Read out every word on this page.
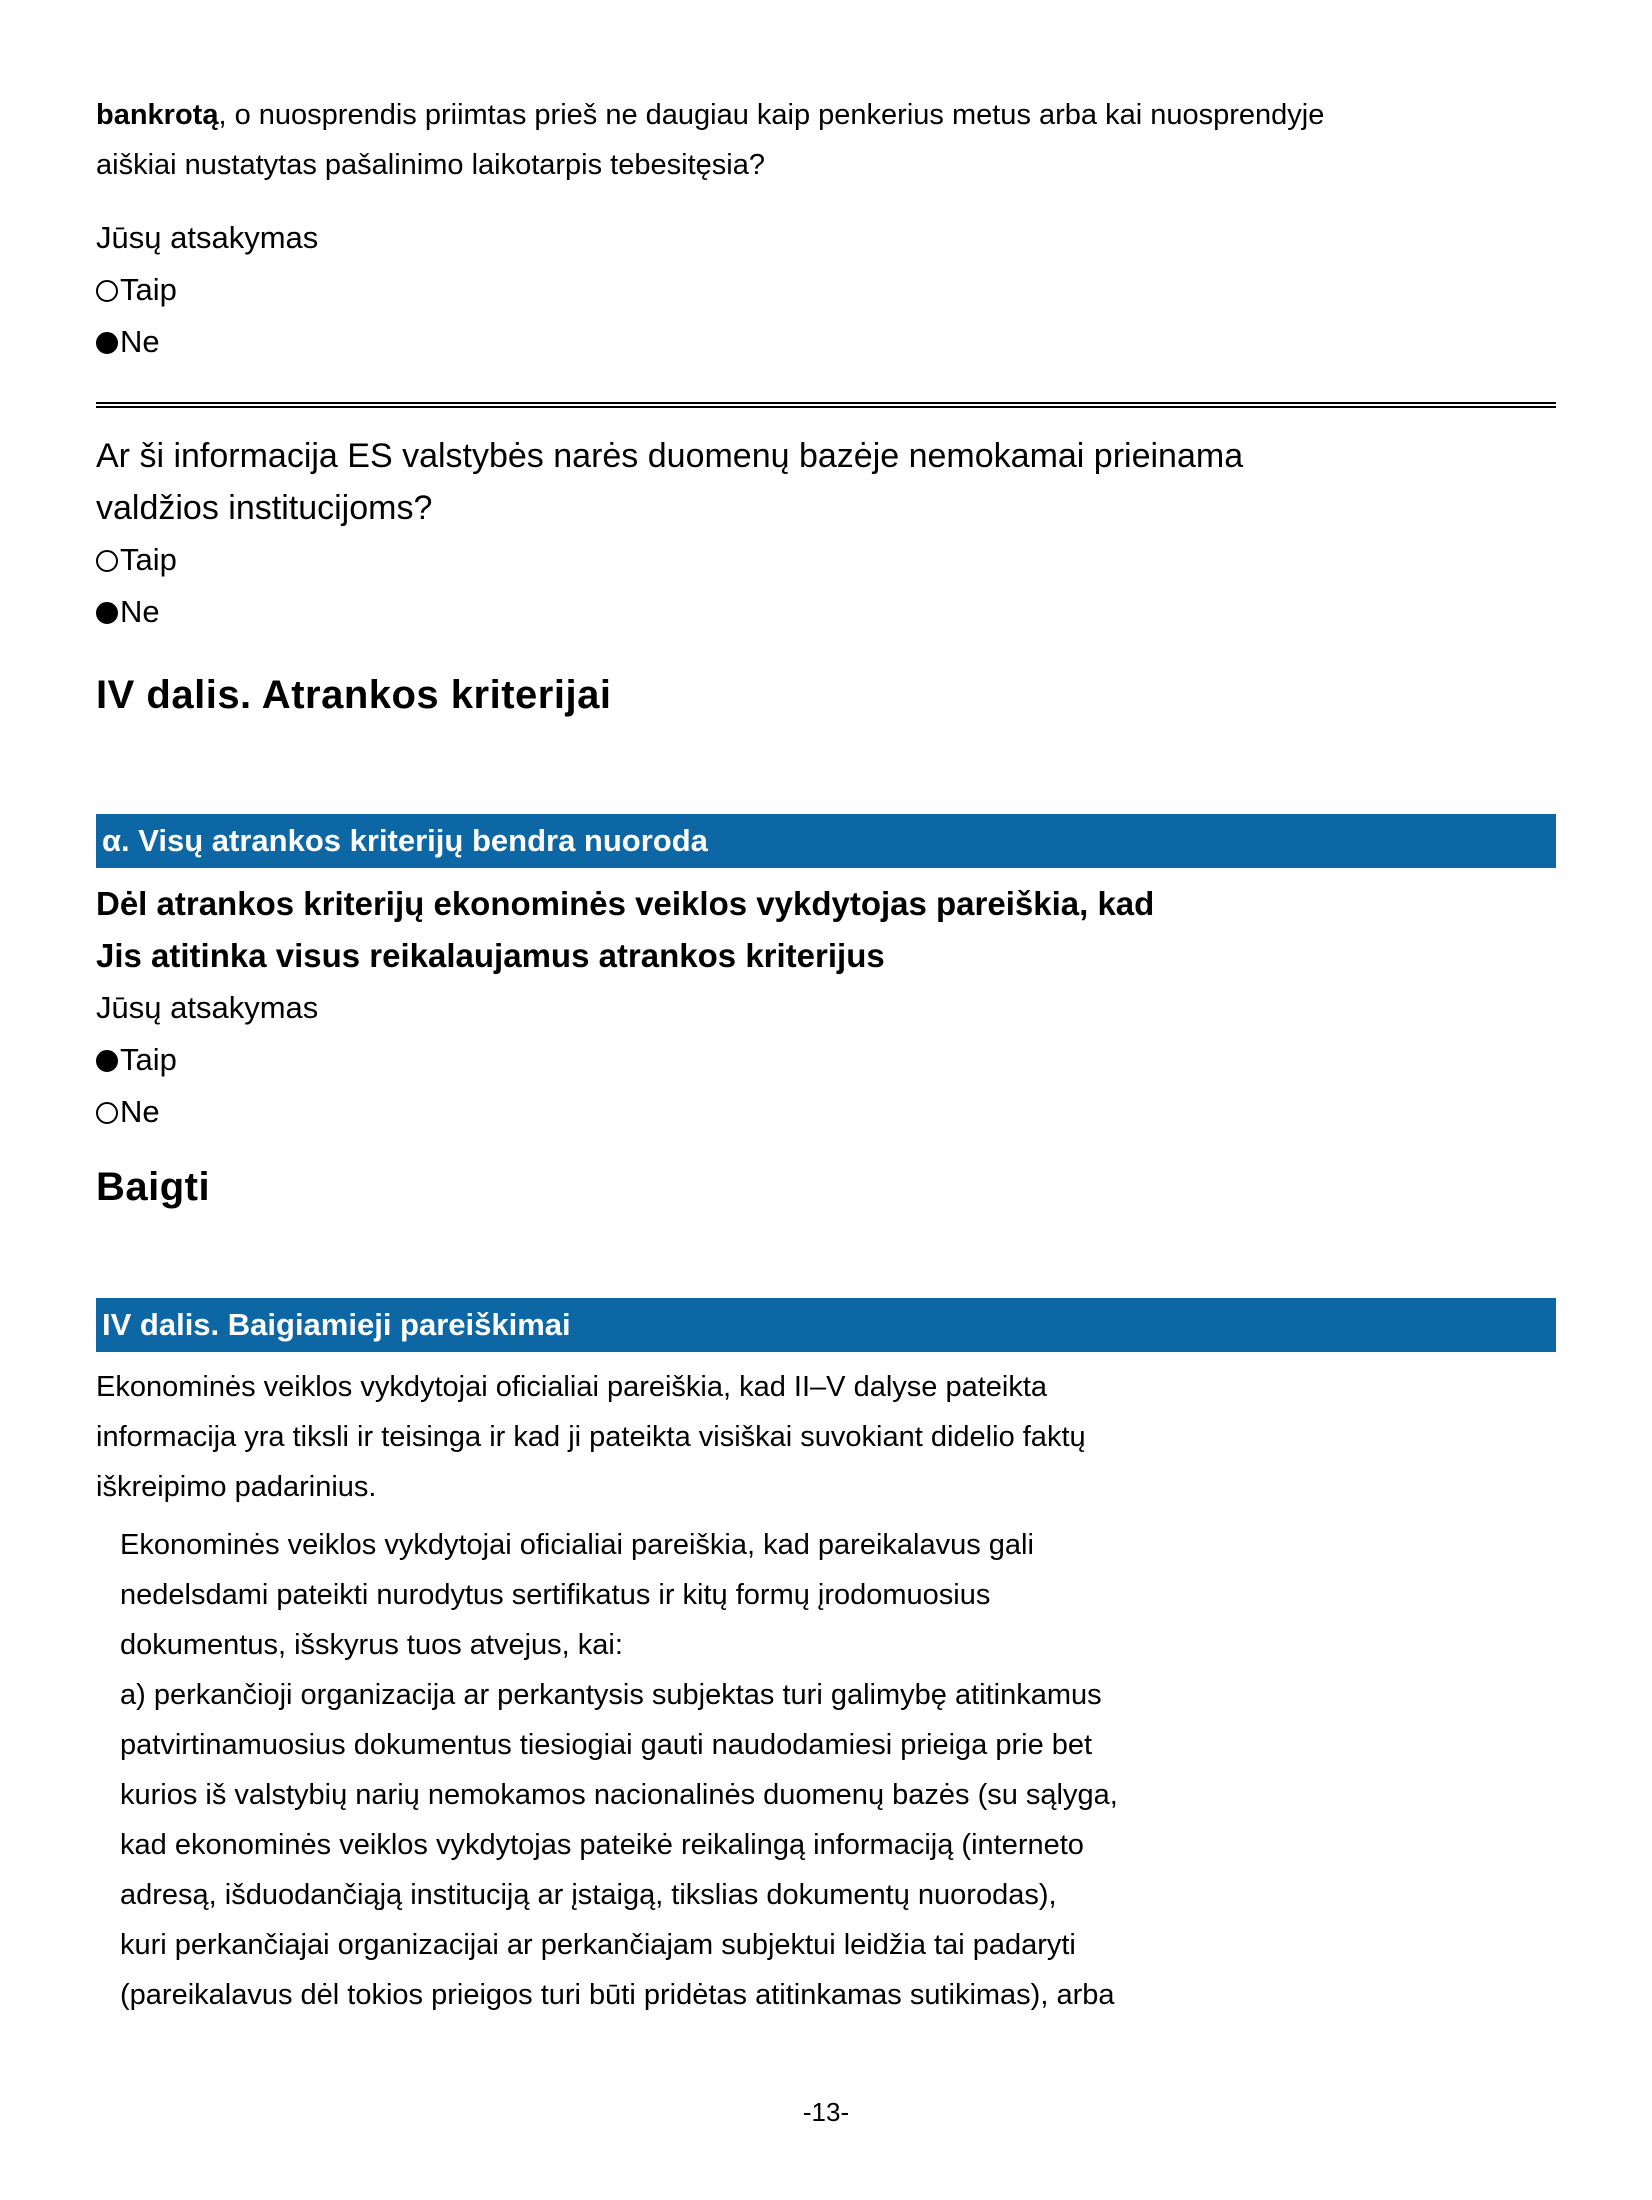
bankrotą, o nuosprendis priimtas prieš ne daugiau kaip penkerius metus arba kai nuosprendyje

aiškiai nustatytas pašalinimo laikotarpis tebesitęsia?

Jūsų atsakymas

Taip
Ne

Ar ši informacija ES valstybės narės duomenų bazėje nemokamai prieinama

valdžios institucijoms?

Taip
Ne
IV dalis. Atrankos kriterijai
α. Visų atrankos kriterijų bendra nuoroda

Dėl atrankos kriterijų ekonominės veiklos vykdytojas pareiškia, kad

Jis atitinka visus reikalaujamus atrankos kriterijus

Jūsų atsakymas

Taip
Ne
Baigti
IV dalis. Baigiamieji pareiškimai

Ekonominės veiklos vykdytojai oficialiai pareiškia, kad II–V dalyse pateikta

informacija yra tiksli ir teisinga ir kad ji pateikta visiškai suvokiant didelio faktų

iškreipimo padarinius.

Ekonominės veiklos vykdytojai oficialiai pareiškia, kad pareikalavus gali

nedelsdami pateikti nurodytus sertifikatus ir kitų formų įrodomuosius

dokumentus, išskyrus tuos atvejus, kai:

a) perkančioji organizacija ar perkantysis subjektas turi galimybę atitinkamus

patvirtinamuosius dokumentus tiesiogiai gauti naudodamiesi prieiga prie bet

kurios iš valstybių narių nemokamos nacionalinės duomenų bazės (su sąlyga,

kad ekonominės veiklos vykdytojas pateikė reikalingą informaciją (interneto

adresą, išduodančiąją instituciją ar įstaigą, tikslias dokumentų nuorodas),

kuri perkančiajai organizacijai ar perkančiajam subjektui leidžia tai padaryti

(pareikalavus dėl tokios prieigos turi būti pridėtas atitinkamas sutikimas), arba

-13-
